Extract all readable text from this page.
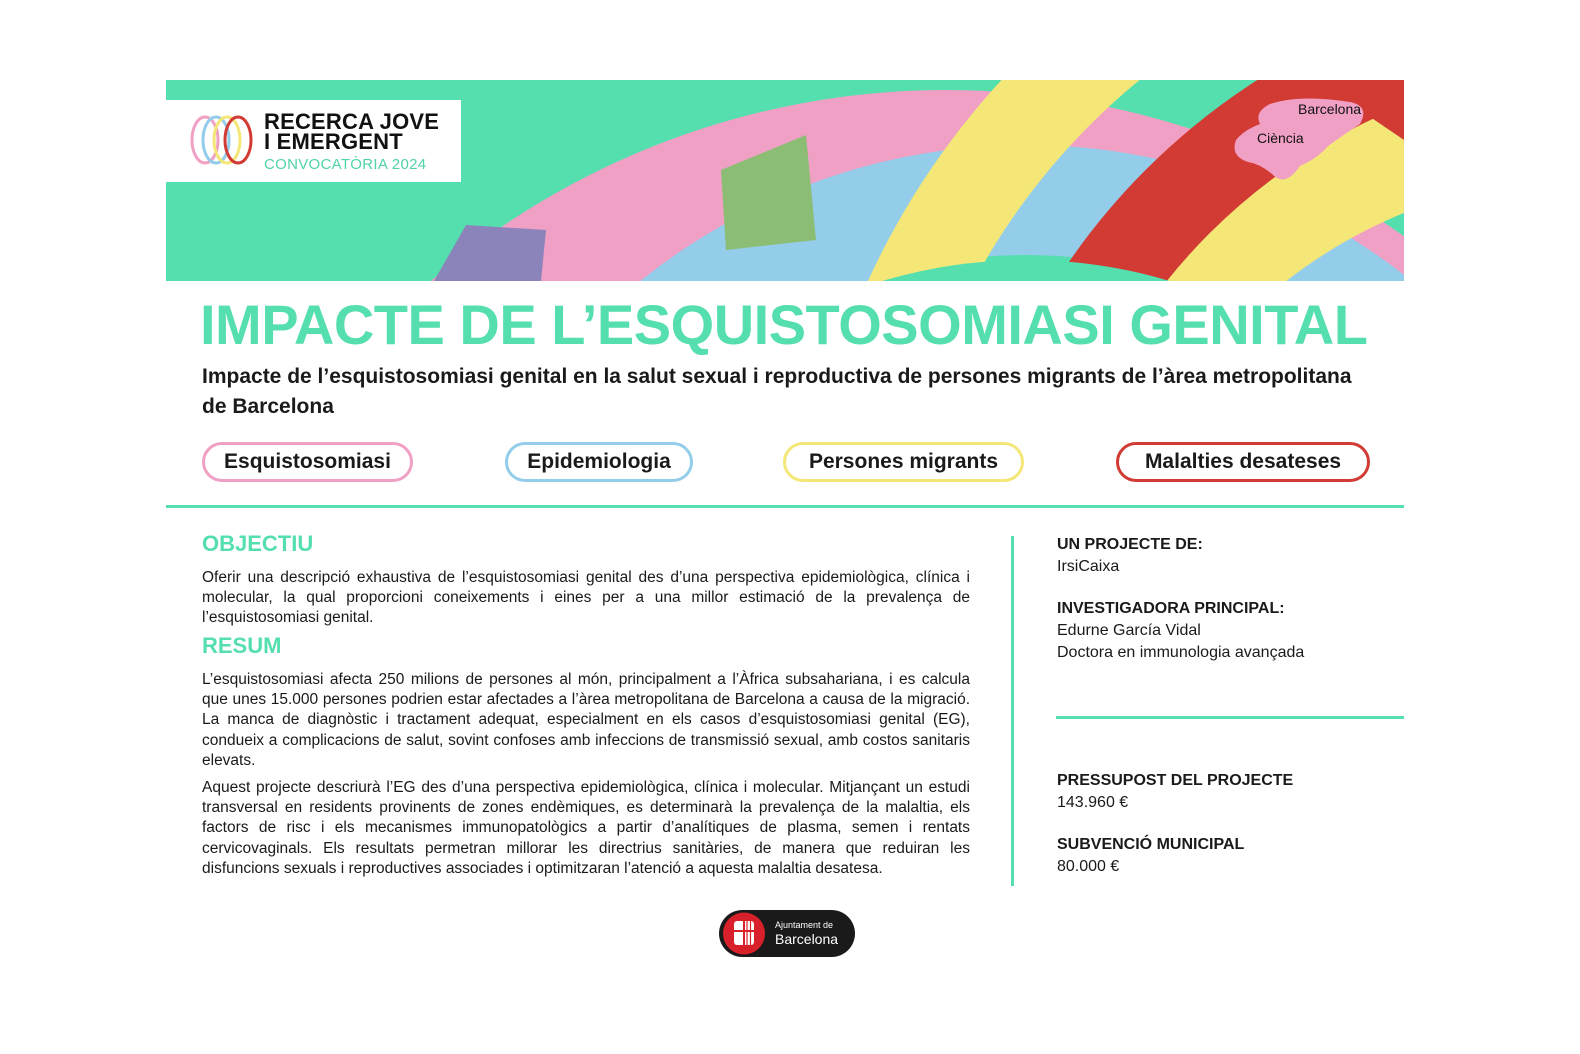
RECERCA JOVE
I EMERGENT
CONVOCATÒRIA 2024
Barcelona
Ciència
IMPACTE DE L’ESQUISTOSOMIASI GENITAL

Impacte de l’esquistosomiasi genital en la salut sexual i reproductiva de persones migrants de l’àrea metropolitana de Barcelona

Esquistosomiasi	Epidemiologia	Persones migrants	Malalties desateses
OBJECTIU

Oferir una descripció exhaustiva de l’esquistosomiasi genital des d’una perspectiva epidemiològica, clínica i molecular, la qual proporcioni coneixements i eines per a una millor estimació de la prevalença de l’esquistosomiasi genital.

RESUM

L’esquistosomiasi afecta 250 milions de persones al món, principalment a l’Àfrica subsahariana, i es calcula que unes 15.000 persones podrien estar afectades a l’àrea metropolitana de Barcelona a causa de la migració. La manca de diagnòstic i tractament adequat, especialment en els casos d’esquistosomiasi genital (EG), condueix a complicacions de salut, sovint confoses amb infeccions de transmissió sexual, amb costos sanitaris elevats.

Aquest projecte descriurà l’EG des d’una perspectiva epidemiològica, clínica i molecular. Mitjançant un estudi transversal en residents provinents de zones endèmiques, es determinarà la prevalença de la malaltia, els factors de risc i els mecanismes immunopatològics a partir d’analítiques de plasma, semen i rentats cervicovaginals. Els resultats permetran millorar les directrius sanitàries, de manera que reduiran les disfuncions sexuals i reproductives associades i optimitzaran l’atenció a aquesta malaltia desatesa.

UN PROJECTE DE:

IrsiCaixa

INVESTIGADORA PRINCIPAL:

Edurne García Vidal

Doctora en immunologia avançada

PRESSUPOST DEL PROJECTE

143.960 €

SUBVENCIÓ MUNICIPAL

80.000 €

Ajuntament de
Barcelona
